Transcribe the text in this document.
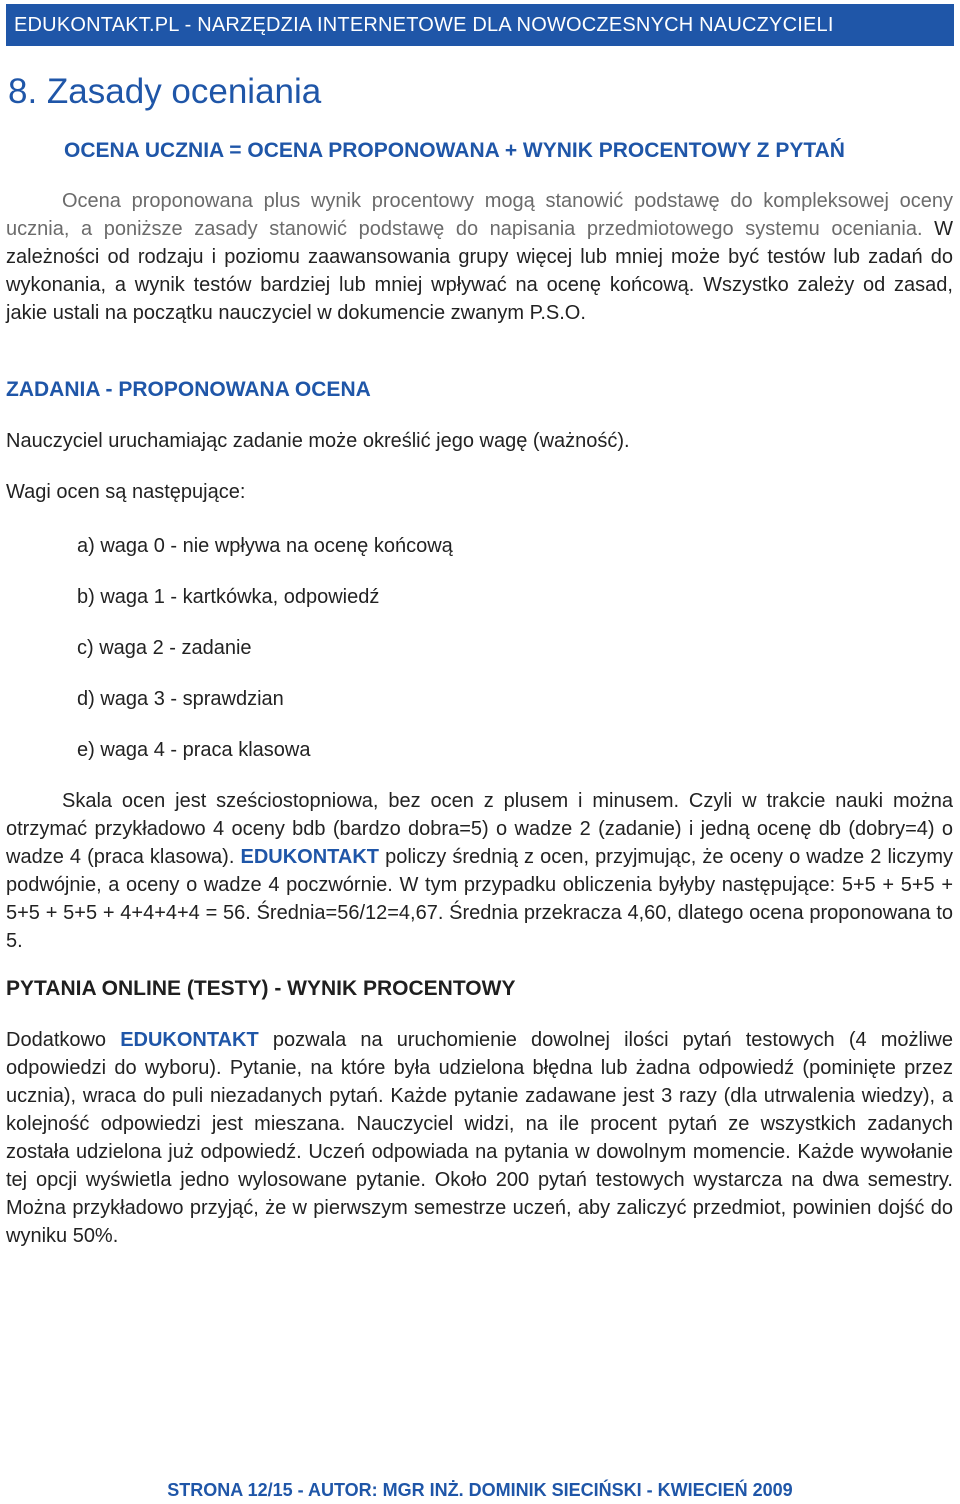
EDUKONTAKT.PL - NARZĘDZIA INTERNETOWE DLA NOWOCZESNYCH NAUCZYCIELI
8. Zasady oceniania
OCENA UCZNIA = OCENA PROPONOWANA + WYNIK PROCENTOWY Z PYTAŃ

Ocena proponowana plus wynik procentowy mogą stanowić podstawę do kompleksowej oceny ucznia, a poniższe zasady stanowić podstawę do napisania przedmiotowego systemu oceniania. W zależności od rodzaju i poziomu zaawansowania grupy więcej lub mniej może być testów lub zadań do wykonania, a wynik testów bardziej lub mniej wpływać na ocenę końcową. Wszystko zależy od zasad, jakie ustali na początku nauczyciel w dokumencie zwanym P.S.O.

ZADANIA - PROPONOWANA OCENA
Nauczyciel uruchamiając zadanie może określić jego wagę (ważność).
Wagi ocen są następujące:
a) waga 0 - nie wpływa na ocenę końcową
b) waga 1 - kartkówka, odpowiedź
c) waga 2 - zadanie
d) waga 3 - sprawdzian
e) waga 4 - praca klasowa

Skala ocen jest sześciostopniowa, bez ocen z plusem i minusem. Czyli w trakcie nauki można otrzymać przykładowo 4 oceny bdb (bardzo dobra=5) o wadze 2 (zadanie) i jedną ocenę db (dobry=4) o wadze 4 (praca klasowa). EDUKONTAKT policzy średnią z ocen, przyjmując, że oceny o wadze 2 liczymy podwójnie, a oceny o wadze 4 poczwórnie. W tym przypadku obliczenia byłyby następujące: 5+5 + 5+5 + 5+5 + 5+5 + 4+4+4+4 = 56. Średnia=56/12=4,67. Średnia przekracza 4,60, dlatego ocena proponowana to 5.

PYTANIA ONLINE (TESTY) - WYNIK PROCENTOWY

Dodatkowo EDUKONTAKT pozwala na uruchomienie dowolnej ilości pytań testowych (4 możliwe odpowiedzi do wyboru). Pytanie, na które była udzielona błędna lub żadna odpowiedź (pominięte przez ucznia), wraca do puli niezadanych pytań. Każde pytanie zadawane jest 3 razy (dla utrwalenia wiedzy), a kolejność odpowiedzi jest mieszana. Nauczyciel widzi, na ile procent pytań ze wszystkich zadanych została udzielona już odpowiedź. Uczeń odpowiada na pytania w dowolnym momencie. Każde wywołanie tej opcji wyświetla jedno wylosowane pytanie. Około 200 pytań testowych wystarcza na dwa semestry. Można przykładowo przyjąć, że w pierwszym semestrze uczeń, aby zaliczyć przedmiot, powinien dojść do wyniku 50%.

STRONA 12/15 - AUTOR: MGR INŻ. DOMINIK SIECIŃSKI - KWIECIEŃ 2009
